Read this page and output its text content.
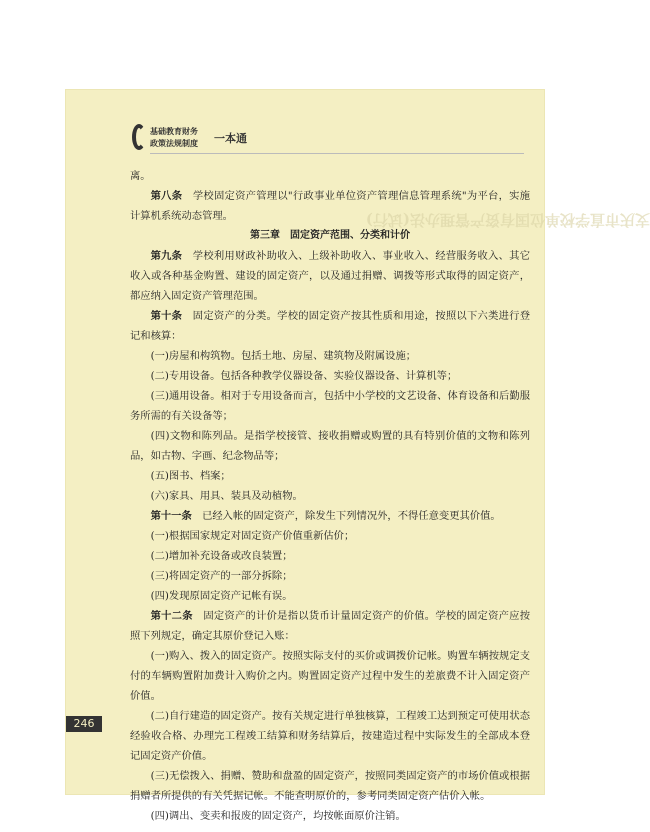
基础教育财务
政策法规制度 一本通
支庆市直学校单位国有资产管理办法(试行)

离。

第八条　 学校固定资产管理以"行政事业单位资产管理信息管理系统"为平台，实施计算机系统动态管理。

第三章　固定资产范围、分类和计价

第九条　 学校利用财政补助收入、上级补助收入、事业收入、经营服务收入、其它收入或各种基金购置、建设的固定资产，以及通过捐赠、调拨等形式取得的固定资产，都应纳入固定资产管理范围。

第十条　 固定资产的分类。学校的固定资产按其性质和用途，按照以下六类进行登记和核算：

(一)房屋和构筑物。包括土地、房屋、建筑物及附属设施；

(二)专用设备。包括各种教学仪器设备、实验仪器设备、计算机等；

(三)通用设备。相对于专用设备而言，包括中小学校的文艺设备、体育设备和后勤服务所需的有关设备等；

(四)文物和陈列品。是指学校接管、接收捐赠或购置的具有特别价值的文物和陈列品，如古物、字画、纪念物品等；

(五)图书、档案；

(六)家具、用具、装具及动植物。

第十一条　 已经入帐的固定资产，除发生下列情况外，不得任意变更其价值。

(一)根据国家规定对固定资产价值重新估价；

(二)增加补充设备或改良装置；

(三)将固定资产的一部分拆除；

(四)发现原固定资产记帐有误。

第十二条　 固定资产的计价是指以货币计量固定资产的价值。学校的固定资产应按照下列规定，确定其原价登记入账：

(一)购入、拨入的固定资产。按照实际支付的买价或调拨价记帐。购置车辆按规定支付的车辆购置附加费计入购价之内。购置固定资产过程中发生的差旅费不计入固定资产价值。

(二)自行建造的固定资产。按有关规定进行单独核算，工程竣工达到预定可使用状态经验收合格、办理完工程竣工结算和财务结算后，按建造过程中实际发生的全部成本登记固定资产价值。

(三)无偿拨入、捐赠、赞助和盘盈的固定资产，按照同类固定资产的市场价值或根据捐赠者所提供的有关凭据记帐。不能查明原价的，参考同类固定资产估价入帐。

(四)调出、变卖和报废的固定资产，均按帐面原价注销。

246
